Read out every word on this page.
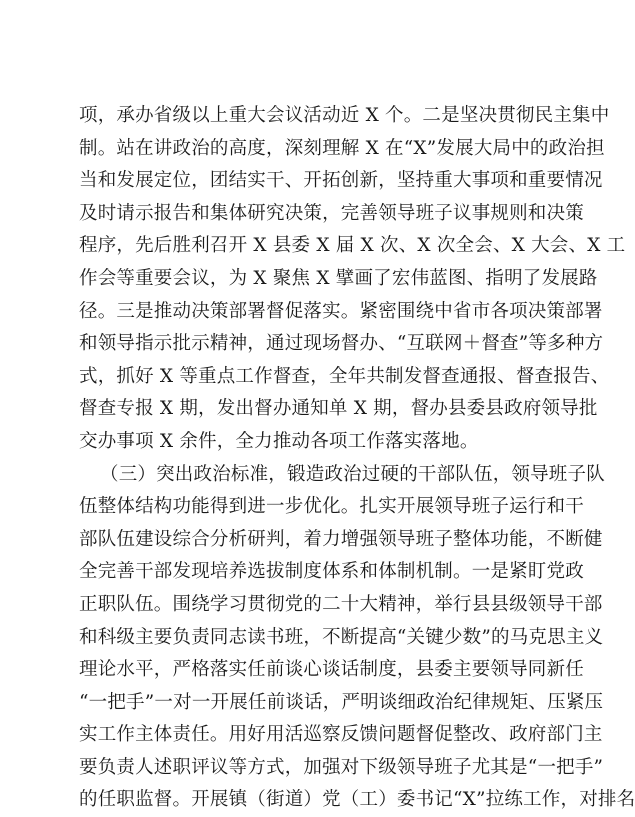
项，承办省级以上重大会议活动近 X 个。二是坚决贯彻民主集中
制。站在讲政治的高度，深刻理解 X 在“X”发展大局中的政治担
当和发展定位，团结实干、开拓创新，坚持重大事项和重要情况
及时请示报告和集体研究决策，完善领导班子议事规则和决策
程序，先后胜利召开 X 县委 X 届 X 次、X 次全会、X 大会、X 工
作会等重要会议，为 X 聚焦 X 擘画了宏伟蓝图、指明了发展路
径。三是推动决策部署督促落实。紧密围绕中省市各项决策部署
和领导指示批示精神，通过现场督办、“互联网＋督查”等多种方
式，抓好 X 等重点工作督查，全年共制发督查通报、督查报告、
督查专报 X 期，发出督办通知单 X 期，督办县委县政府领导批
交办事项 X 余件，全力推动各项工作落实落地。
（三）突出政治标准，锻造政治过硬的干部队伍，领导班子队
伍整体结构功能得到进一步优化。扎实开展领导班子运行和干
部队伍建设综合分析研判，着力增强领导班子整体功能，不断健
全完善干部发现培养选拔制度体系和体制机制。一是紧盯党政
正职队伍。围绕学习贯彻党的二十大精神，举行县县级领导干部
和科级主要负责同志读书班，不断提高“关键少数”的马克思主义
理论水平，严格落实任前谈心谈话制度，县委主要领导同新任
“一把手”一对一开展任前谈话，严明谈细政治纪律规矩、压紧压
实工作主体责任。用好用活巡察反馈问题督促整改、政府部门主
要负责人述职评议等方式，加强对下级领导班子尤其是“一把手”
的任职监督。开展镇（街道）党（工）委书记“X”拉练工作，对排名
